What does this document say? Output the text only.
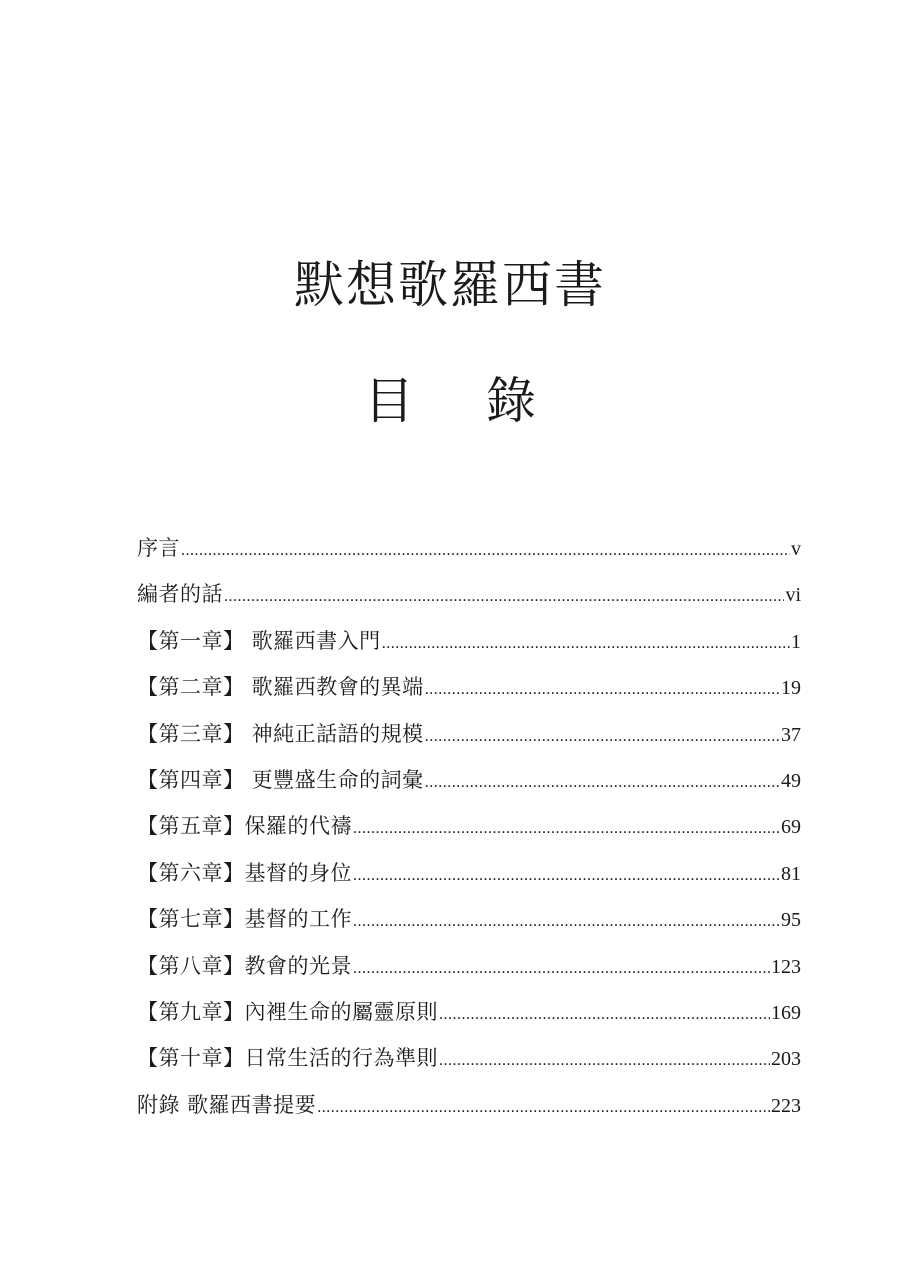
默想歌羅西書
目 錄
序言 .....	v
編者的話 .....	vi
【第一章】 歌羅西書入門 .....	1
【第二章】 歌羅西教會的異端 .....	19
【第三章】 神純正話語的規模 .....	37
【第四章】 更豐盛生命的詞彙 .....	49
【第五章】保羅的代禱 .....	69
【第六章】基督的身位 .....	81
【第七章】基督的工作 .....	95
【第八章】教會的光景 .....	123
【第九章】內裡生命的屬靈原則 .....	169
【第十章】日常生活的行為準則 .....	203
附錄 歌羅西書提要 .....	223
